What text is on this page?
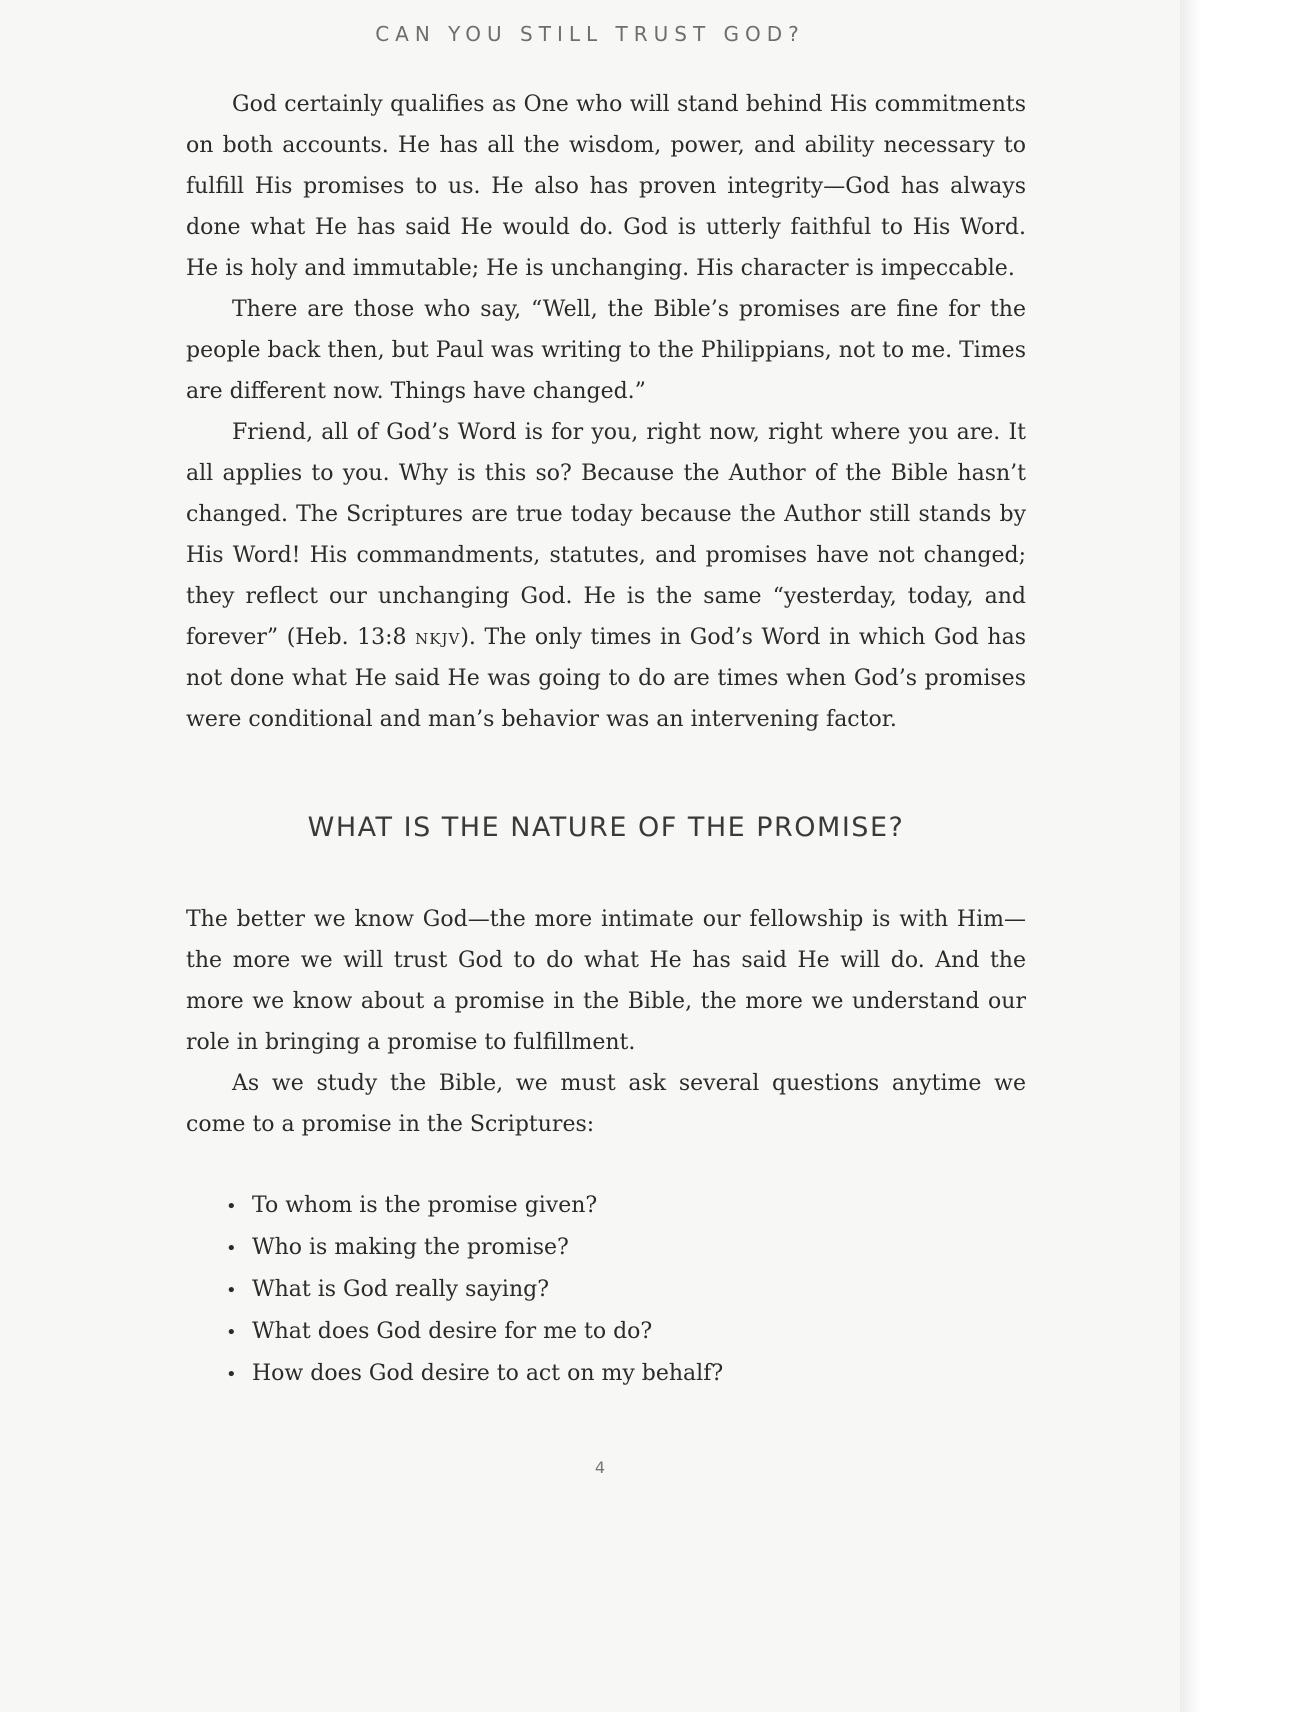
CAN YOU STILL TRUST GOD?

God certainly qualifies as One who will stand behind His commitments on both accounts. He has all the wisdom, power, and ability necessary to fulfill His promises to us. He also has proven integrity—God has always done what He has said He would do. God is utterly faithful to His Word. He is holy and immutable; He is unchanging. His character is impeccable.

There are those who say, “Well, the Bible’s promises are fine for the people back then, but Paul was writing to the Philippians, not to me. Times are different now. Things have changed.”

Friend, all of God’s Word is for you, right now, right where you are. It all applies to you. Why is this so? Because the Author of the Bible hasn’t changed. The Scriptures are true today because the Author still stands by His Word! His commandments, statutes, and promises have not changed; they reflect our unchanging God. He is the same “yesterday, today, and forever” (Heb. 13:8 nkjv). The only times in God’s Word in which God has not done what He said He was going to do are times when God’s promises were conditional and man’s behavior was an intervening factor.

WHAT IS THE NATURE OF THE PROMISE?

The better we know God—the more intimate our fellowship is with Him—the more we will trust God to do what He has said He will do. And the more we know about a promise in the Bible, the more we understand our role in bringing a promise to fulfillment.

As we study the Bible, we must ask several questions anytime we come to a promise in the Scriptures:

• To whom is the promise given?
• Who is making the promise?
• What is God really saying?
• What does God desire for me to do?
• How does God desire to act on my behalf?
4
